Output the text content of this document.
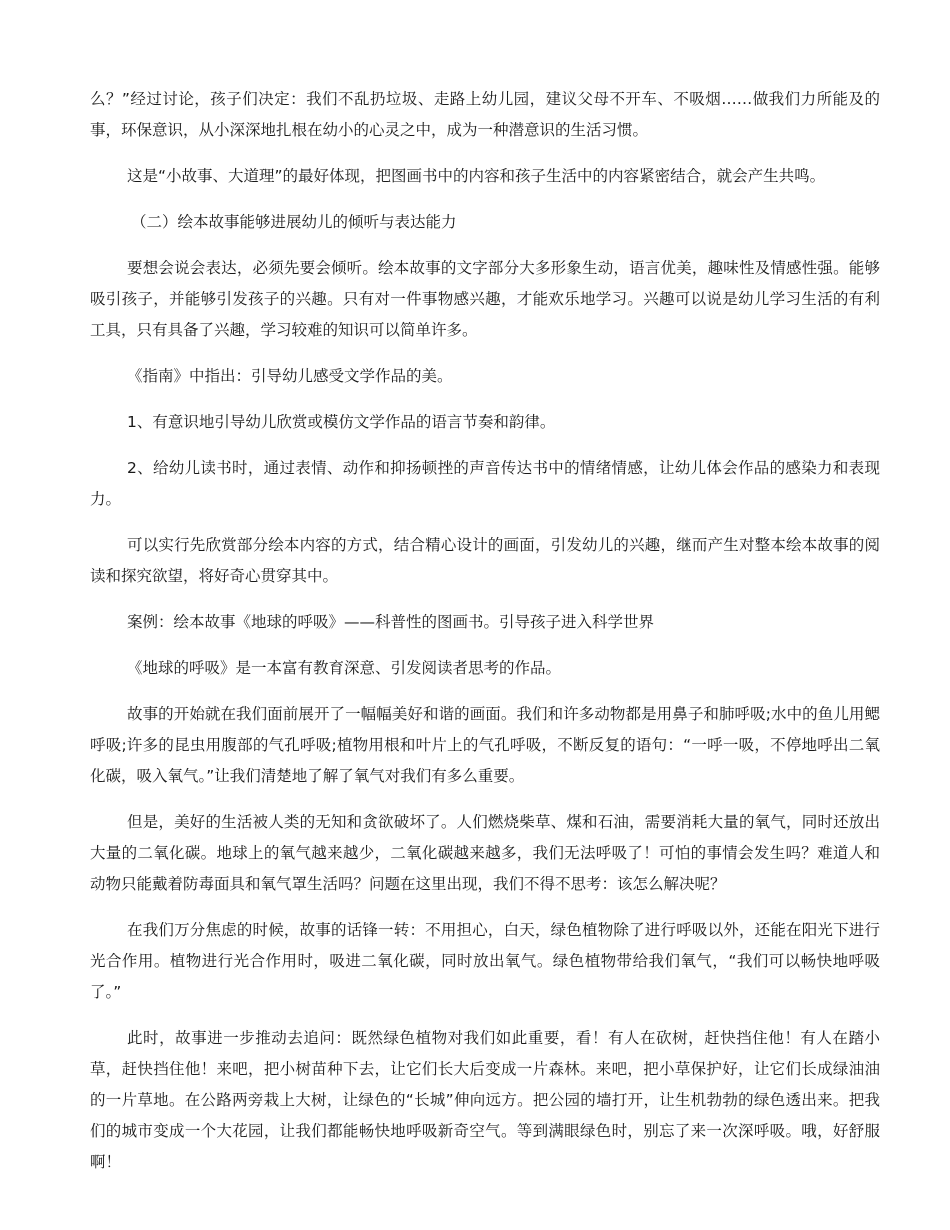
么？”经过讨论，孩子们决定：我们不乱扔垃圾、走路上幼儿园，建议父母不开车、不吸烟……做我们力所能及的事，环保意识，从小深深地扎根在幼小的心灵之中，成为一种潜意识的生活习惯。

这是“小故事、大道理”的最好体现，把图画书中的内容和孩子生活中的内容紧密结合，就会产生共鸣。

（二）绘本故事能够进展幼儿的倾听与表达能力

要想会说会表达，必须先要会倾听。绘本故事的文字部分大多形象生动，语言优美，趣味性及情感性强。能够吸引孩子，并能够引发孩子的兴趣。只有对一件事物感兴趣，才能欢乐地学习。兴趣可以说是幼儿学习生活的有利工具，只有具备了兴趣，学习较难的知识可以简单许多。

《指南》中指出：引导幼儿感受文学作品的美。

1、有意识地引导幼儿欣赏或模仿文学作品的语言节奏和韵律。

2、给幼儿读书时，通过表情、动作和抑扬顿挫的声音传达书中的情绪情感，让幼儿体会作品的感染力和表现力。

可以实行先欣赏部分绘本内容的方式，结合精心设计的画面，引发幼儿的兴趣，继而产生对整本绘本故事的阅读和探究欲望，将好奇心贯穿其中。

案例：绘本故事《地球的呼吸》——科普性的图画书。引导孩子进入科学世界

《地球的呼吸》是一本富有教育深意、引发阅读者思考的作品。

故事的开始就在我们面前展开了一幅幅美好和谐的画面。我们和许多动物都是用鼻子和肺呼吸;水中的鱼儿用鳃呼吸;许多的昆虫用腹部的气孔呼吸;植物用根和叶片上的气孔呼吸，不断反复的语句：“一呼一吸，不停地呼出二氧化碳，吸入氧气。”让我们清楚地了解了氧气对我们有多么重要。

但是，美好的生活被人类的无知和贪欲破坏了。人们燃烧柴草、煤和石油，需要消耗大量的氧气，同时还放出大量的二氧化碳。地球上的氧气越来越少，二氧化碳越来越多，我们无法呼吸了！可怕的事情会发生吗？难道人和动物只能戴着防毒面具和氧气罩生活吗？问题在这里出现，我们不得不思考：该怎么解决呢？

在我们万分焦虑的时候，故事的话锋一转：不用担心，白天，绿色植物除了进行呼吸以外，还能在阳光下进行光合作用。植物进行光合作用时，吸进二氧化碳，同时放出氧气。绿色植物带给我们氧气，“我们可以畅快地呼吸了。”

此时，故事进一步推动去追问：既然绿色植物对我们如此重要，看！有人在砍树，赶快挡住他！有人在踏小草，赶快挡住他！来吧，把小树苗种下去，让它们长大后变成一片森林。来吧，把小草保护好，让它们长成绿油油的一片草地。在公路两旁栽上大树，让绿色的“长城”伸向远方。把公园的墙打开，让生机勃勃的绿色透出来。把我们的城市变成一个大花园，让我们都能畅快地呼吸新奇空气。等到满眼绿色时，别忘了来一次深呼吸。哦，好舒服啊！
